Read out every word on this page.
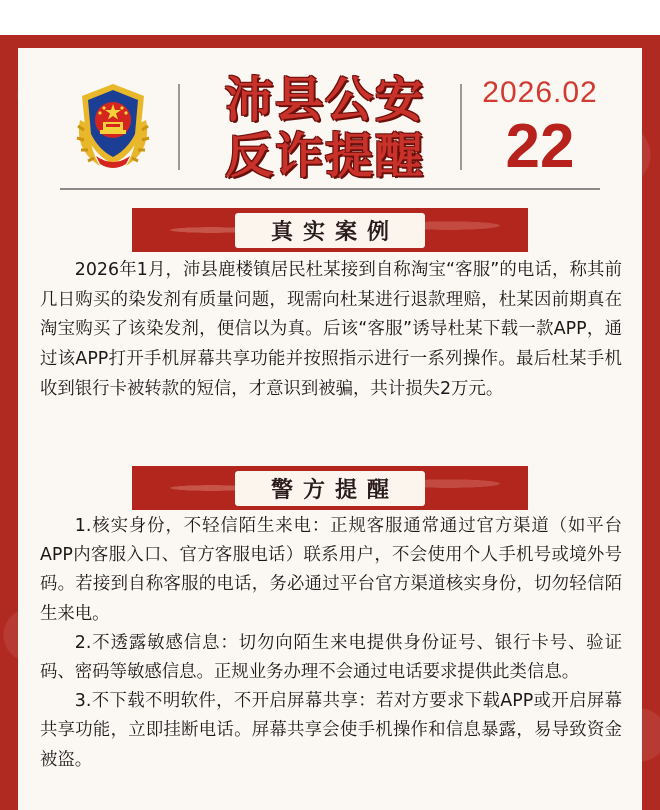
沛县公安
反诈提醒
2026.02
22
真实案例

2026年1月，沛县鹿楼镇居民杜某接到自称淘宝“客服”的电话，称其前几日购买的染发剂有质量问题，现需向杜某进行退款理赔，杜某因前期真在淘宝购买了该染发剂，便信以为真。后该“客服”诱导杜某下载一款APP，通过该APP打开手机屏幕共享功能并按照指示进行一系列操作。最后杜某手机收到银行卡被转款的短信，才意识到被骗，共计损失2万元。

警方提醒

1.核实身份，不轻信陌生来电：正规客服通常通过官方渠道（如平台APP内客服入口、官方客服电话）联系用户，不会使用个人手机号或境外号码。若接到自称客服的电话，务必通过平台官方渠道核实身份，切勿轻信陌生来电。

2.不透露敏感信息：切勿向陌生来电提供身份证号、银行卡号、验证码、密码等敏感信息。正规业务办理不会通过电话要求提供此类信息。

3.不下载不明软件，不开启屏幕共享：若对方要求下载APP或开启屏幕共享功能，立即挂断电话。屏幕共享会使手机操作和信息暴露，易导致资金被盗。
